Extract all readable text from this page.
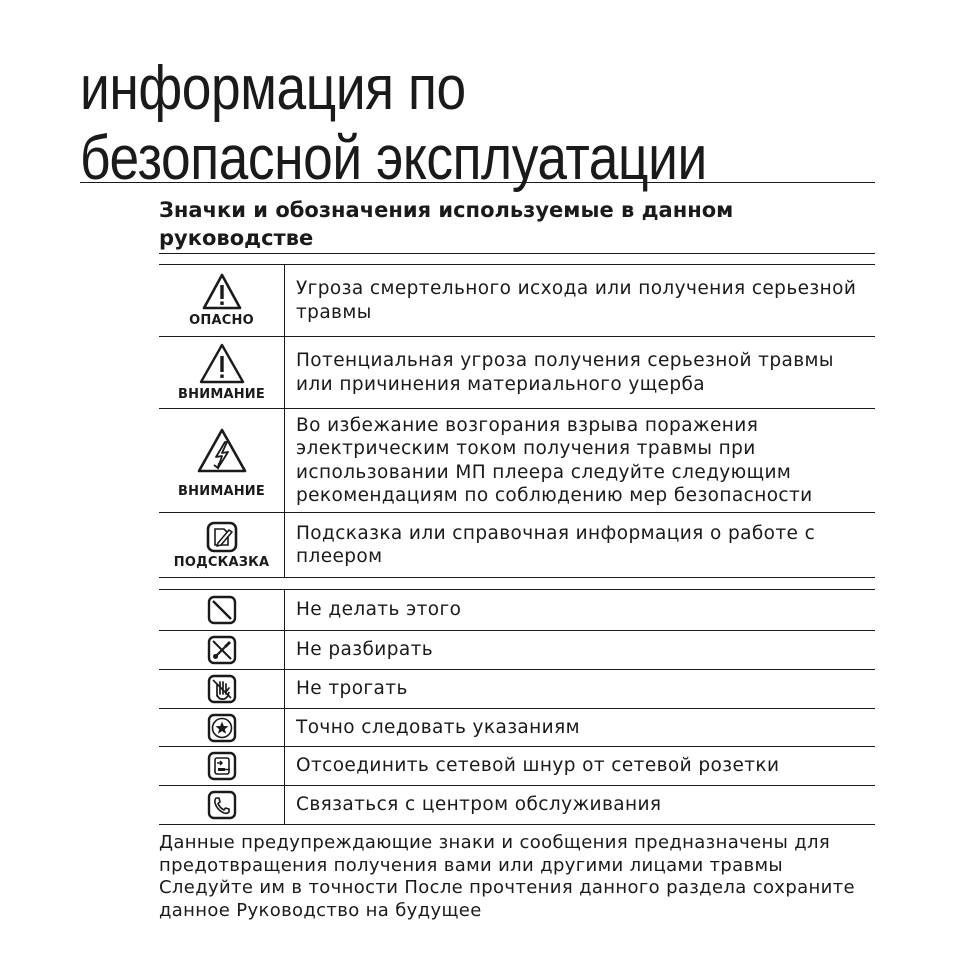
информация по
безопасной эксплуатации
Значки и обозначения используемые в данном руководстве
ОПАСНО	Угроза смертельного исхода или получения серьезной травмы

ВНИМАНИЕ	Потенциальная угроза получения серьезной травмы или причинения материального ущерба

ВНИМАНИЕ	Во избежание возгорания взрыва поражения электрическим током получения травмы при использовании МП плеера следуйте следующим рекомендациям по соблюдению мер безопасности

ПОДСКАЗКА	Подсказка или справочная информация о работе с плеером
	Не делать этого

	Не разбирать

	Не трогать

	Точно следовать указаниям

	Отсоединить сетевой шнур от сетевой розетки

	Связаться с центром обслуживания

Данные предупреждающие знаки и сообщения предназначены для предотвращения получения вами или другими лицами травмы Следуйте им в точности После прочтения данного раздела сохраните данное Руководство на будущее
